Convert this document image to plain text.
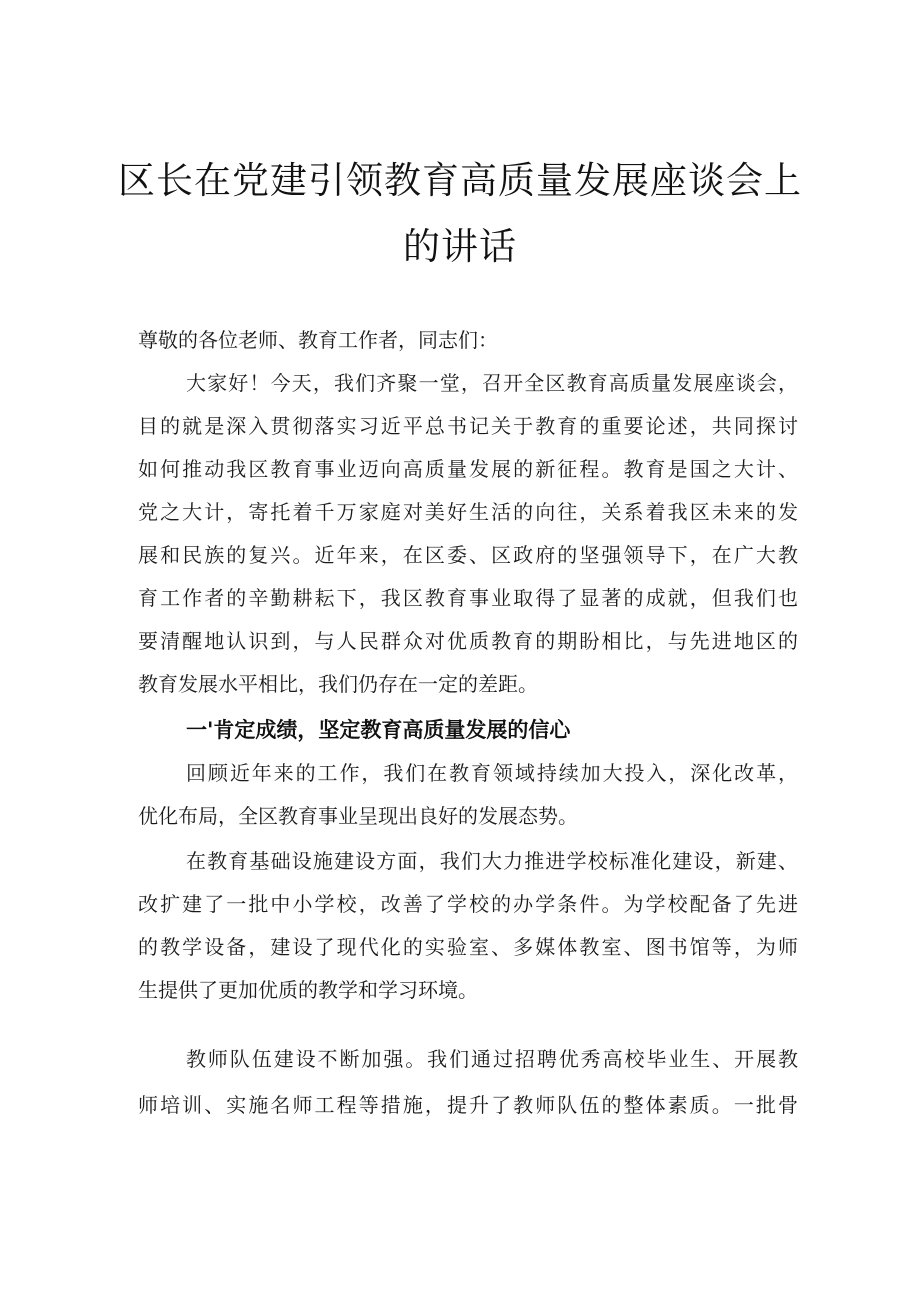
区长在党建引领教育高质量发展座谈会上
的讲话

尊敬的各位老师、教育工作者，同志们：

大家好！今天，我们齐聚一堂，召开全区教育高质量发展座谈会，

目的就是深入贯彻落实习近平总书记关于教育的重要论述，共同探讨

如何推动我区教育事业迈向高质量发展的新征程。教育是国之大计、

党之大计，寄托着千万家庭对美好生活的向往，关系着我区未来的发

展和民族的复兴。近年来，在区委、区政府的坚强领导下，在广大教

育工作者的辛勤耕耘下，我区教育事业取得了显著的成就，但我们也

要清醒地认识到，与人民群众对优质教育的期盼相比，与先进地区的

教育发展水平相比，我们仍存在一定的差距。

一'肯定成绩，坚定教育高质量发展的信心

回顾近年来的工作，我们在教育领域持续加大投入，深化改革，

优化布局，全区教育事业呈现出良好的发展态势。

在教育基础设施建设方面，我们大力推进学校标准化建设，新建、

改扩建了一批中小学校，改善了学校的办学条件。为学校配备了先进

的教学设备，建设了现代化的实验室、多媒体教室、图书馆等，为师

生提供了更加优质的教学和学习环境。

教师队伍建设不断加强。我们通过招聘优秀高校毕业生、开展教

师培训、实施名师工程等措施，提升了教师队伍的整体素质。一批骨
